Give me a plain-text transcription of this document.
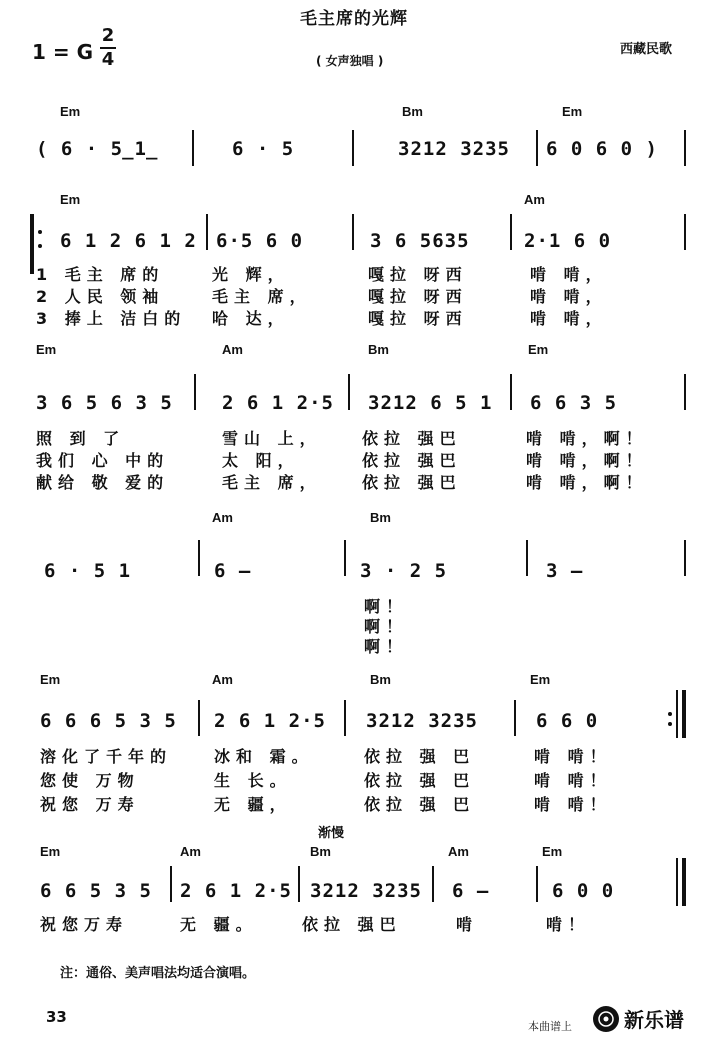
1 = G
2
4
毛主席的光辉
( 女声独唱 )
西藏民歌
Em	Bm	Em
( 6 · 5̲1̲	6 · 5	3212 3235 6 0 6 0 )
Em	Am
6 1 2 6 1 2 6·5 6 0	3 6 5635	2·1 6 0
1 毛主 席的	光 辉，	嘎拉 呀西	啃 啃，
2 人民 领袖	毛主 席，	嘎拉 呀西	啃 啃，
3 捧上 洁白的 哈 达，	嘎拉 呀西	啃 啃，
Em	Am	Bm	Em
3 6 5 6 3 5	2 6 1 2·5 3212 6 5 1 6 6 3 5
照 到 了	雪山 上，	依拉 强巴	啃 啃，啊！
我们 心 中的	太 阳，	依拉 强巴	啃 啃，啊！
献给 敬 爱的	毛主 席，	依拉 强巴	啃 啃，啊！
Am	Bm
6 · 5 1	6 –	3 · 2 5	3 –
啊！
啊！
啊！
Em	Am	Bm	Em
6 6 6 5 3 5 2 6 1 2·5 3212 3235	6 6 0
溶化了千年的	冰和 霜。	依拉 强 巴	啃 啃！
您使 万物	生 长。	依拉 强 巴	啃 啃！
祝您 万寿	无 疆，	依拉 强 巴	啃 啃！
渐慢
Em	Am	Bm	Am	Em
6 6 5 3 5 2 6 1 2·5 3212 3235 6 –	6 0 0
祝您万寿	无 疆。	依拉 强巴	啃	啃！
注：通俗、美声唱法均适合演唱。
33
本曲谱上	新乐谱
